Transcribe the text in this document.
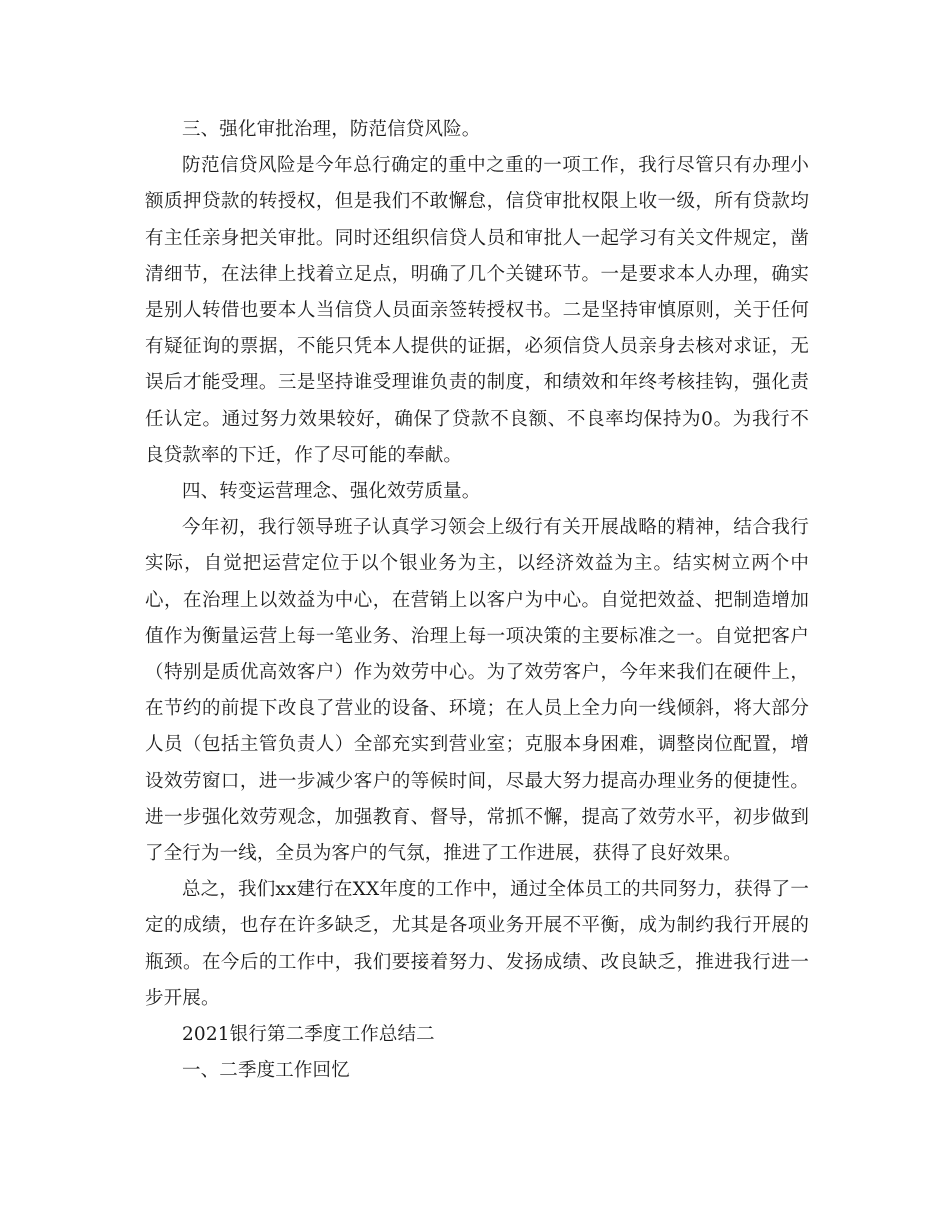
三、强化审批治理，防范信贷风险。

防范信贷风险是今年总行确定的重中之重的一项工作，我行尽管只有办理小额质押贷款的转授权，但是我们不敢懈怠，信贷审批权限上收一级，所有贷款均有主任亲身把关审批。同时还组织信贷人员和审批人一起学习有关文件规定，凿清细节，在法律上找着立足点，明确了几个关键环节。一是要求本人办理，确实是别人转借也要本人当信贷人员面亲签转授权书。二是坚持审慎原则，关于任何有疑征询的票据，不能只凭本人提供的证据，必须信贷人员亲身去核对求证，无误后才能受理。三是坚持谁受理谁负责的制度，和绩效和年终考核挂钩，强化责任认定。通过努力效果较好，确保了贷款不良额、不良率均保持为0。为我行不良贷款率的下迁，作了尽可能的奉献。

四、转变运营理念、强化效劳质量。

今年初，我行领导班子认真学习领会上级行有关开展战略的精神，结合我行实际，自觉把运营定位于以个银业务为主，以经济效益为主。结实树立两个中心，在治理上以效益为中心，在营销上以客户为中心。自觉把效益、把制造增加值作为衡量运营上每一笔业务、治理上每一项决策的主要标准之一。自觉把客户（特别是质优高效客户）作为效劳中心。为了效劳客户，今年来我们在硬件上，在节约的前提下改良了营业的设备、环境；在人员上全力向一线倾斜，将大部分人员（包括主管负责人）全部充实到营业室；克服本身困难，调整岗位配置，增设效劳窗口，进一步减少客户的等候时间，尽最大努力提高办理业务的便捷性。进一步强化效劳观念，加强教育、督导，常抓不懈，提高了效劳水平，初步做到了全行为一线，全员为客户的气氛，推进了工作进展，获得了良好效果。

总之，我们xx建行在XX年度的工作中，通过全体员工的共同努力，获得了一定的成绩，也存在许多缺乏，尤其是各项业务开展不平衡，成为制约我行开展的瓶颈。在今后的工作中，我们要接着努力、发扬成绩、改良缺乏，推进我行进一步开展。

2021银行第二季度工作总结二

一、二季度工作回忆
